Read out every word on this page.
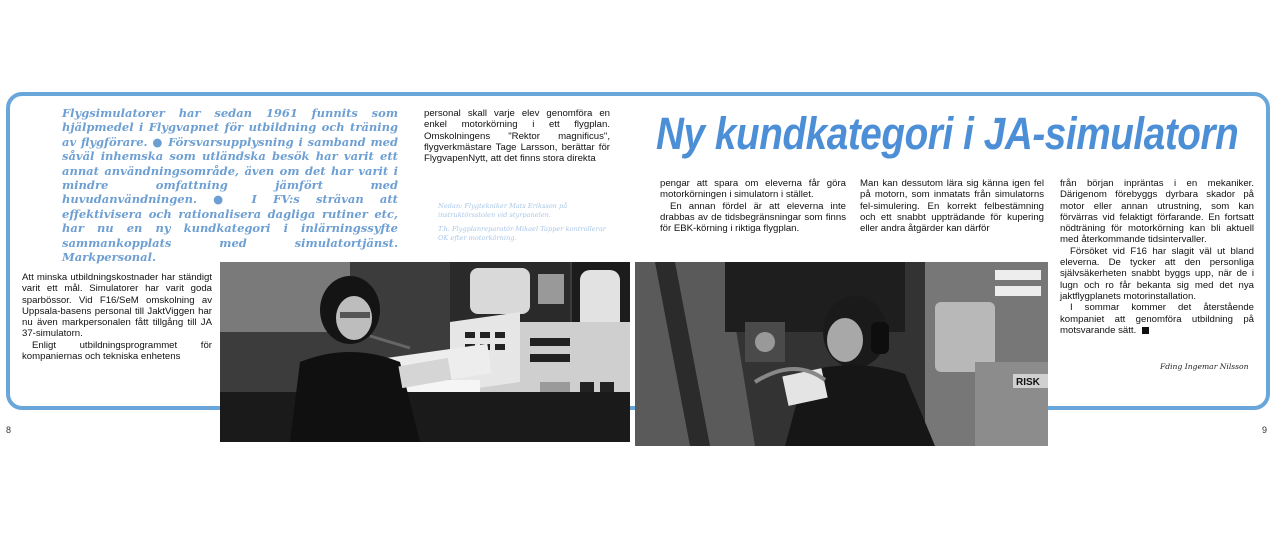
Flygsimulatorer har sedan 1961 funnits som hjälpmedel i Flygvapnet för utbildning och träning av flygförare. ● Försvarsupplysning i samband med såväl inhemska som utländska besök har varit ett annat användningsområde, även om det har varit i mindre omfattning jämfört med huvudanvändningen. ● I FV:s strävan att effektivisera och rationalisera dagliga rutiner etc, har nu en ny kundkategori i inlärningssyfte sammankopplats med simulatortjänst. Markpersonal.

Att minska utbildningskostnader har ständigt varit ett mål. Simulatorer har varit goda sparbössor. Vid F16/SeM omskolning av Uppsala-basens personal till JaktViggen har nu även markpersonalen fått tillgång till JA 37-simulatorn.

Enligt utbildningsprogrammet för kompaniernas och tekniska enhetens

personal skall varje elev genomföra en enkel motorkörning i ett flygplan. Omskolningens "Rektor magnificus", flygverkmästare Tage Larsson, berättar för FlygvapenNytt, att det finns stora direkta

Nedan: Flygtekniker Mats Eriksson på instruktörsstolen vid styrpanelen.

T.h. Flygplanreparatör Mikael Tapper kontrollerar OK efter motorkörning.

Ny kundkategori i JA-simulatorn

pengar att spara om eleverna får göra motorkörningen i simulatorn i stället.

En annan fördel är att eleverna inte drabbas av de tidsbegränsningar som finns för EBK-körning i riktiga flygplan.

Man kan dessutom lära sig känna igen fel på motorn, som inmatats från simulatorns fel-simulering. En korrekt felbestämning och ett snabbt uppträdande för kupering eller andra åtgärder kan därför

från början inpräntas i en mekaniker. Därigenom förebyggs dyrbara skador på motor eller annan utrustning, som kan förvärras vid felaktigt förfarande. En fortsatt nödträning för motorkörning kan bli aktuell med återkommande tidsintervaller.

Försöket vid F16 har slagit väl ut bland eleverna. De tycker att den personliga självsäkerheten snabbt byggs upp, när de i lugn och ro får bekanta sig med det nya jaktflygplanets motorinstallation.

I sommar kommer det återstående kompaniet att genomföra utbildning på motsvarande sätt.

Fding Ingemar Nilsson
RISK
8	9
